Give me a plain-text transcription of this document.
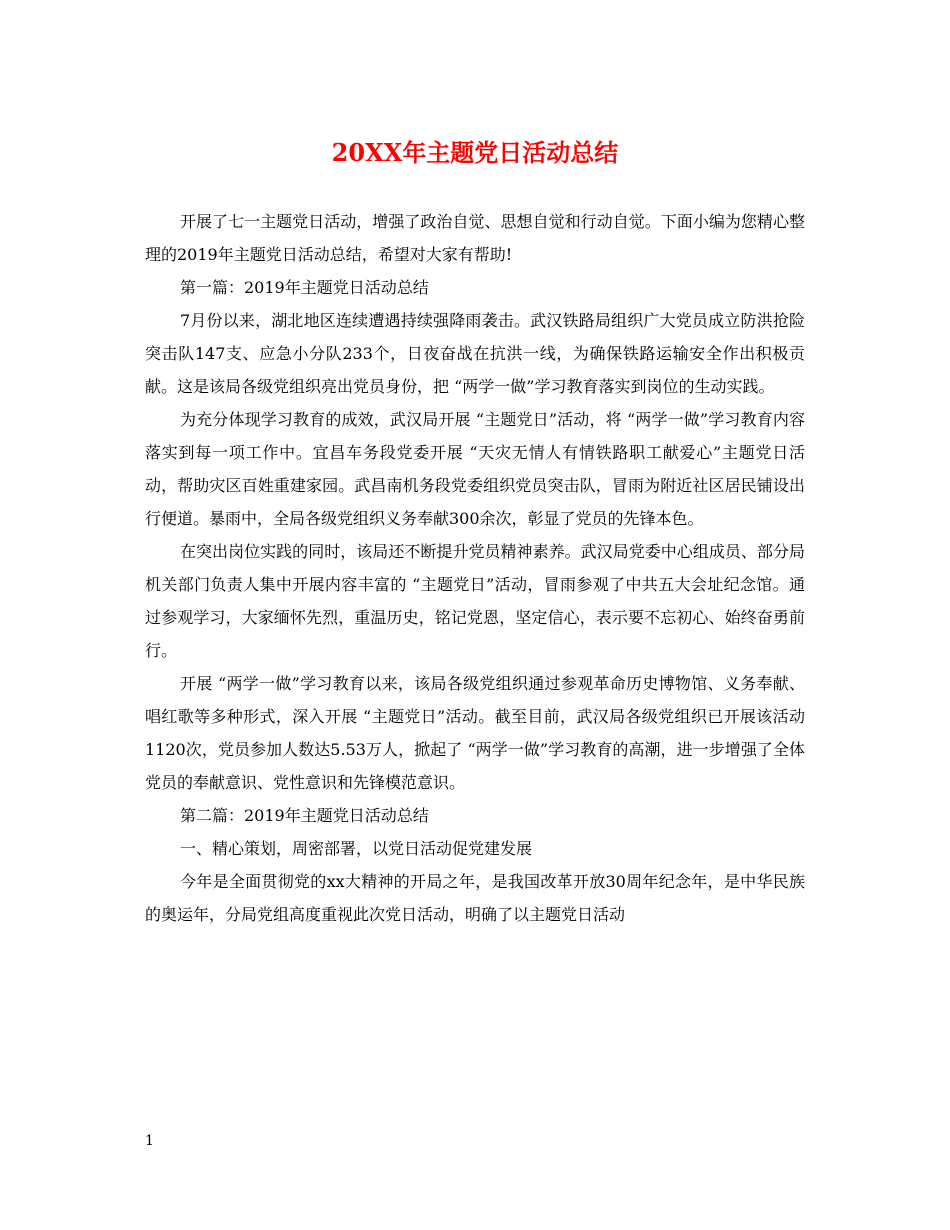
20XX年主题党日活动总结

开展了七一主题党日活动，增强了政治自觉、思想自觉和行动自觉。下面小编为您精心整理的2019年主题党日活动总结，希望对大家有帮助!

第一篇：2019年主题党日活动总结

7月份以来，湖北地区连续遭遇持续强降雨袭击。武汉铁路局组织广大党员成立防洪抢险突击队147支、应急小分队233个，日夜奋战在抗洪一线，为确保铁路运输安全作出积极贡献。这是该局各级党组织亮出党员身份，把 “两学一做”学习教育落实到岗位的生动实践。

为充分体现学习教育的成效，武汉局开展 “主题党日”活动，将 “两学一做”学习教育内容落实到每一项工作中。宜昌车务段党委开展 “天灾无情人有情铁路职工献爱心”主题党日活动，帮助灾区百姓重建家园。武昌南机务段党委组织党员突击队，冒雨为附近社区居民铺设出行便道。暴雨中，全局各级党组织义务奉献300余次，彰显了党员的先锋本色。

在突出岗位实践的同时，该局还不断提升党员精神素养。武汉局党委中心组成员、部分局机关部门负责人集中开展内容丰富的 “主题党日”活动，冒雨参观了中共五大会址纪念馆。通过参观学习，大家缅怀先烈，重温历史，铭记党恩，坚定信心，表示要不忘初心、始终奋勇前行。

开展 “两学一做”学习教育以来，该局各级党组织通过参观革命历史博物馆、义务奉献、唱红歌等多种形式，深入开展 “主题党日”活动。截至目前，武汉局各级党组织已开展该活动1120次，党员参加人数达5.53万人，掀起了 “两学一做”学习教育的高潮，进一步增强了全体党员的奉献意识、党性意识和先锋模范意识。

第二篇：2019年主题党日活动总结

一、精心策划，周密部署，以党日活动促党建发展

今年是全面贯彻党的xx大精神的开局之年，是我国改革开放30周年纪念年，是中华民族的奥运年，分局党组高度重视此次党日活动，明确了以主题党日活动

1
